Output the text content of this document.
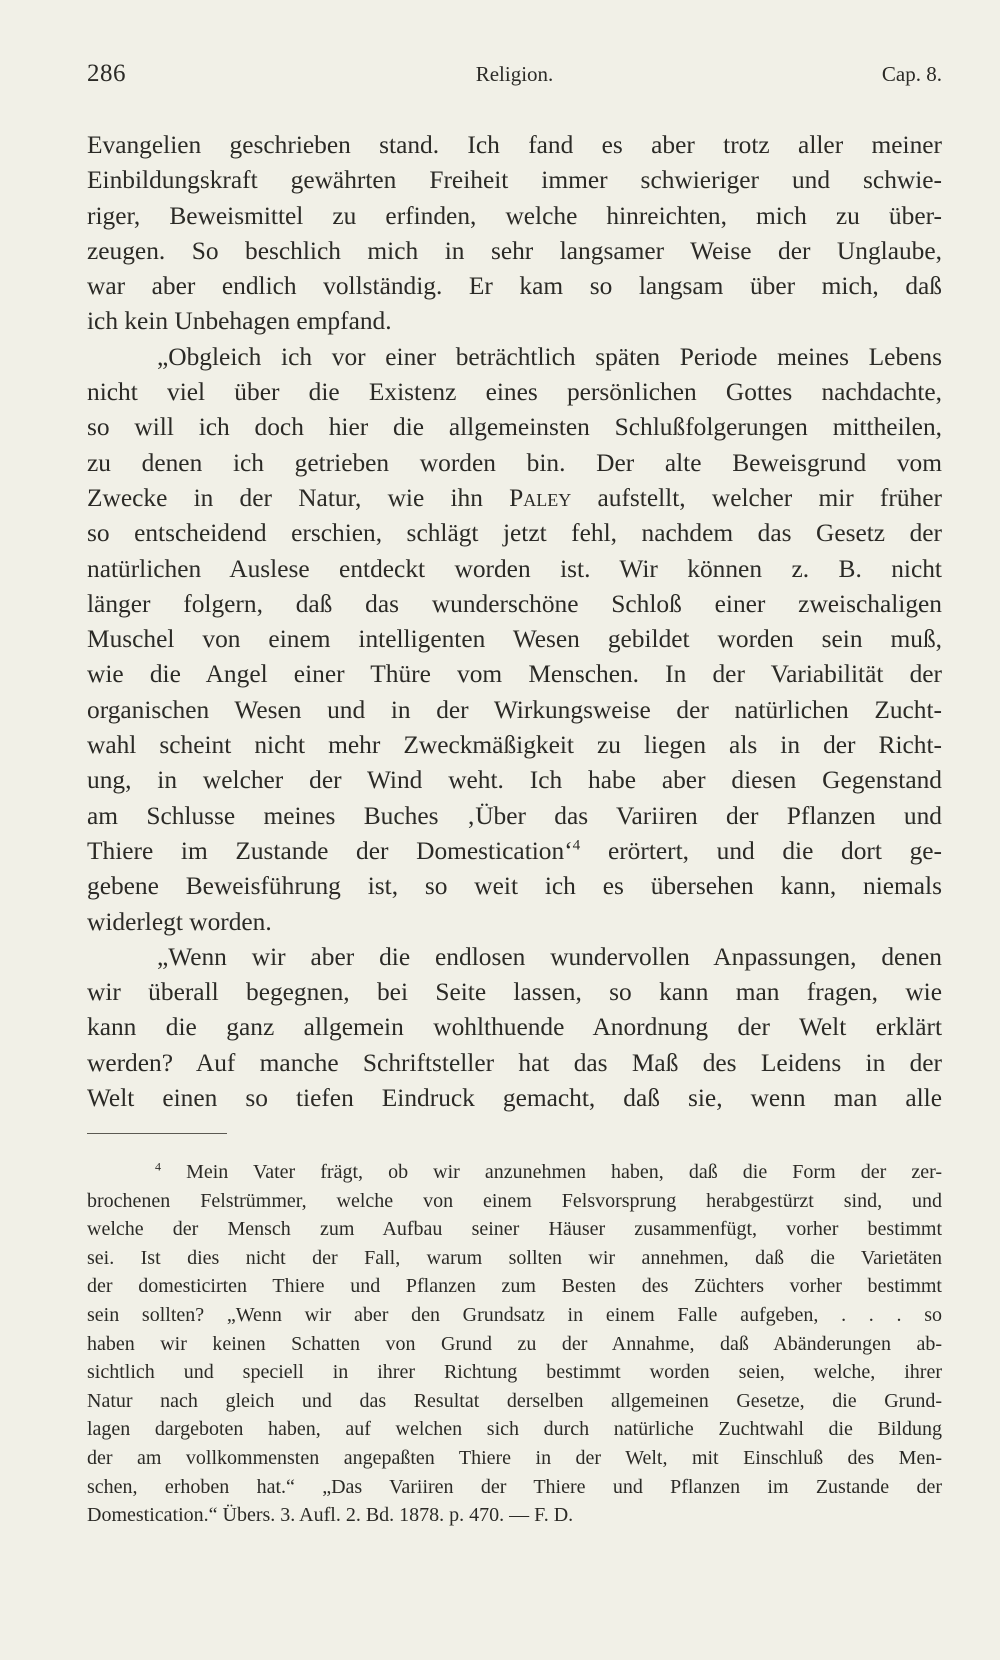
286	Religion.	Cap. 8.
Evangelien geschrieben stand. Ich fand es aber trotz aller meiner
Einbildungskraft gewährten Freiheit immer schwieriger und schwie-
riger, Beweismittel zu erfinden, welche hinreichten, mich zu über-
zeugen. So beschlich mich in sehr langsamer Weise der Unglaube,
war aber endlich vollständig. Er kam so langsam über mich, daß
ich kein Unbehagen empfand.
„Obgleich ich vor einer beträchtlich späten Periode meines Lebens
nicht viel über die Existenz eines persönlichen Gottes nachdachte,
so will ich doch hier die allgemeinsten Schlußfolgerungen mittheilen,
zu denen ich getrieben worden bin. Der alte Beweisgrund vom
Zwecke in der Natur, wie ihn Paley aufstellt, welcher mir früher
so entscheidend erschien, schlägt jetzt fehl, nachdem das Gesetz der
natürlichen Auslese entdeckt worden ist. Wir können z. B. nicht
länger folgern, daß das wunderschöne Schloß einer zweischaligen
Muschel von einem intelligenten Wesen gebildet worden sein muß,
wie die Angel einer Thüre vom Menschen. In der Variabilität der
organischen Wesen und in der Wirkungsweise der natürlichen Zucht-
wahl scheint nicht mehr Zweckmäßigkeit zu liegen als in der Richt-
ung, in welcher der Wind weht. Ich habe aber diesen Gegenstand
am Schlusse meines Buches ‚Über das Variiren der Pflanzen und
Thiere im Zustande der Domestication‘$^4$ erörtert, und die dort ge-
gebene Beweisführung ist, so weit ich es übersehen kann, niemals
widerlegt worden.
„Wenn wir aber die endlosen wundervollen Anpassungen, denen
wir überall begegnen, bei Seite lassen, so kann man fragen, wie
kann die ganz allgemein wohlthuende Anordnung der Welt erklärt
werden? Auf manche Schriftsteller hat das Maß des Leidens in der
Welt einen so tiefen Eindruck gemacht, daß sie, wenn man alle
$^4$ Mein Vater frägt, ob wir anzunehmen haben, daß die Form der zer-
brochenen Felstrümmer, welche von einem Felsvorsprung herabgestürzt sind, und
welche der Mensch zum Aufbau seiner Häuser zusammenfügt, vorher bestimmt
sei. Ist dies nicht der Fall, warum sollten wir annehmen, daß die Varietäten
der domesticirten Thiere und Pflanzen zum Besten des Züchters vorher bestimmt
sein sollten? „Wenn wir aber den Grundsatz in einem Falle aufgeben, . . . so
haben wir keinen Schatten von Grund zu der Annahme, daß Abänderungen ab-
sichtlich und speciell in ihrer Richtung bestimmt worden seien, welche, ihrer
Natur nach gleich und das Resultat derselben allgemeinen Gesetze, die Grund-
lagen dargeboten haben, auf welchen sich durch natürliche Zuchtwahl die Bildung
der am vollkommensten angepaßten Thiere in der Welt, mit Einschluß des Men-
schen, erhoben hat.“ „Das Variiren der Thiere und Pflanzen im Zustande der
Domestication.“ Übers. 3. Aufl. 2. Bd. 1878. p. 470. — F. D.
